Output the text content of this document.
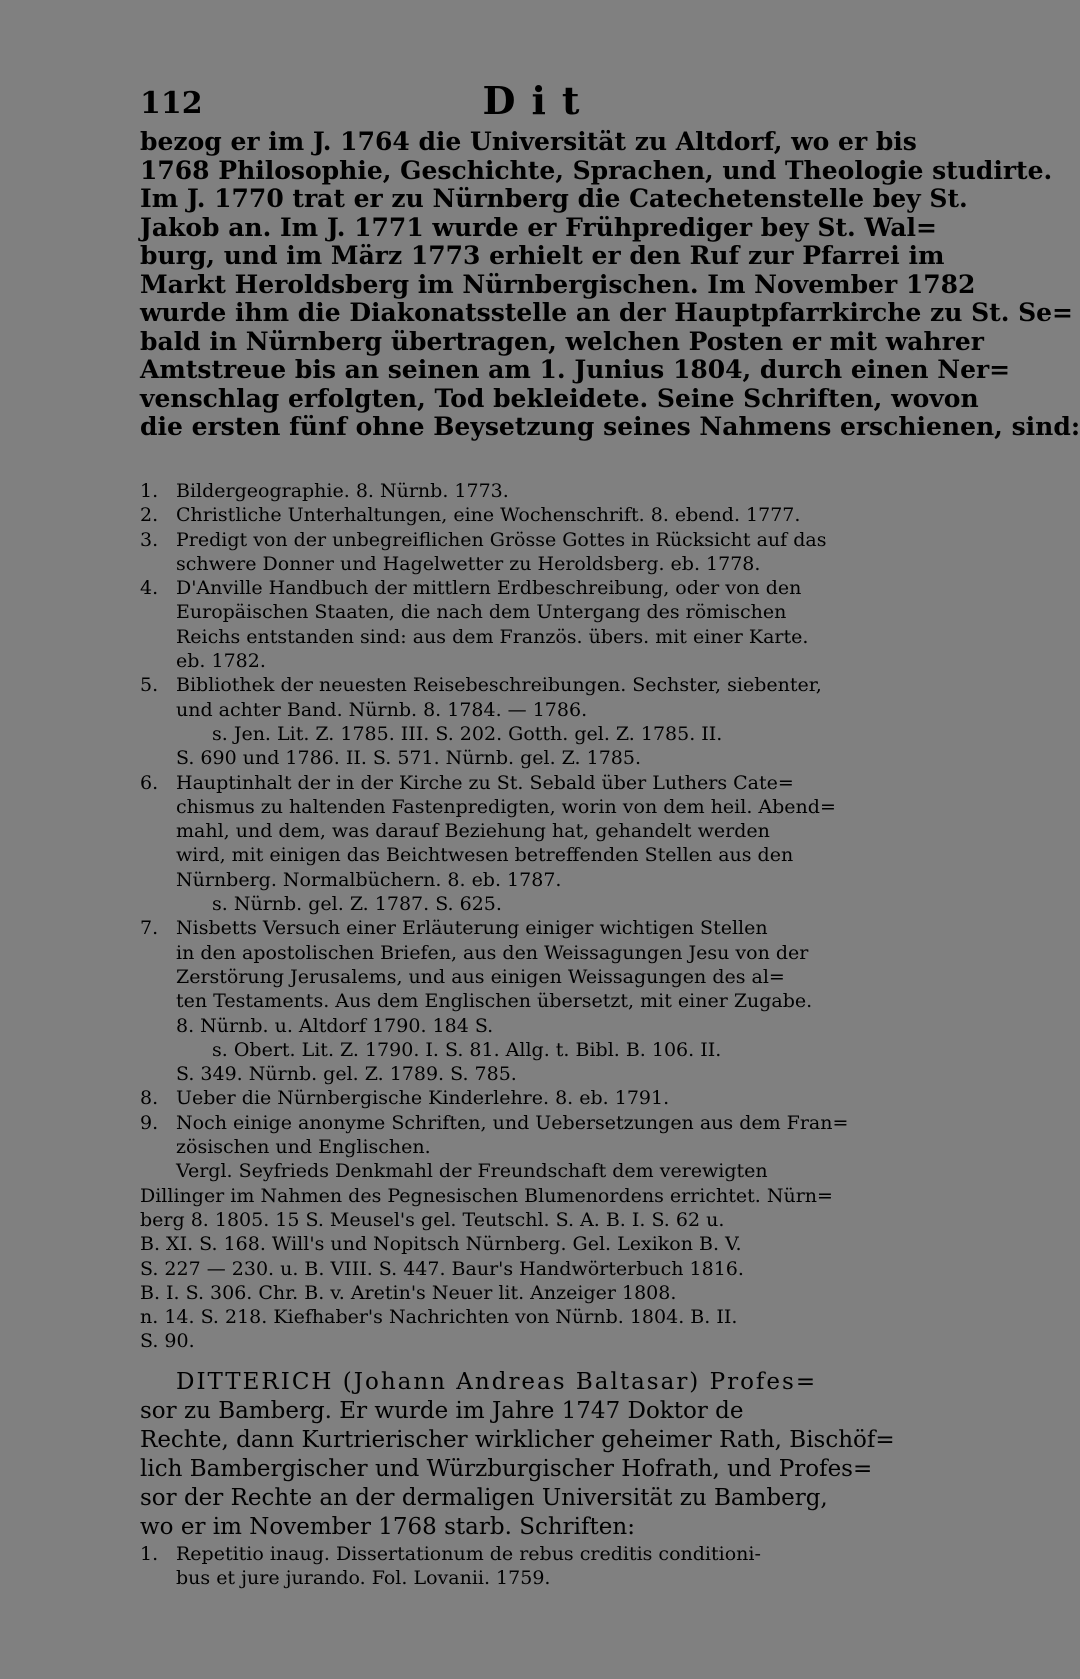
112	Dit
bezog er im J. 1764 die Universität zu Altdorf, wo er bis
1768 Philosophie, Geschichte, Sprachen, und Theologie studirte.
Im J. 1770 trat er zu Nürnberg die Catechetenstelle bey St.
Jakob an. Im J. 1771 wurde er Frühprediger bey St. Wal=
burg, und im März 1773 erhielt er den Ruf zur Pfarrei im
Markt Heroldsberg im Nürnbergischen. Im November 1782
wurde ihm die Diakonatsstelle an der Hauptpfarrkirche zu St. Se=
bald in Nürnberg übertragen, welchen Posten er mit wahrer
Amtstreue bis an seinen am 1. Junius 1804, durch einen Ner=
venschlag erfolgten, Tod bekleidete. Seine Schriften, wovon
die ersten fünf ohne Beysetzung seines Nahmens erschienen, sind:
1. Bildergeographie. 8. Nürnb. 1773.
2. Christliche Unterhaltungen, eine Wochenschrift. 8. ebend. 1777.
3. Predigt von der unbegreiflichen Grösse Gottes in Rücksicht auf das
schwere Donner und Hagelwetter zu Heroldsberg. eb. 1778.
4. D'Anville Handbuch der mittlern Erdbeschreibung, oder von den
Europäischen Staaten, die nach dem Untergang des römischen
Reichs entstanden sind: aus dem Französ. übers. mit einer Karte.
eb. 1782.
5. Bibliothek der neuesten Reisebeschreibungen. Sechster, siebenter,
und achter Band. Nürnb. 8. 1784. — 1786.
s. Jen. Lit. Z. 1785. III. S. 202. Gotth. gel. Z. 1785. II.
S. 690 und 1786. II. S. 571. Nürnb. gel. Z. 1785.
6. Hauptinhalt der in der Kirche zu St. Sebald über Luthers Cate=
chismus zu haltenden Fastenpredigten, worin von dem heil. Abend=
mahl, und dem, was darauf Beziehung hat, gehandelt werden
wird, mit einigen das Beichtwesen betreffenden Stellen aus den
Nürnberg. Normalbüchern. 8. eb. 1787.
s. Nürnb. gel. Z. 1787. S. 625.
7. Nisbetts Versuch einer Erläuterung einiger wichtigen Stellen
in den apostolischen Briefen, aus den Weissagungen Jesu von der
Zerstörung Jerusalems, und aus einigen Weissagungen des al=
ten Testaments. Aus dem Englischen übersetzt, mit einer Zugabe.
8. Nürnb. u. Altdorf 1790. 184 S.
s. Obert. Lit. Z. 1790. I. S. 81. Allg. t. Bibl. B. 106. II.
S. 349. Nürnb. gel. Z. 1789. S. 785.
8. Ueber die Nürnbergische Kinderlehre. 8. eb. 1791.
9. Noch einige anonyme Schriften, und Uebersetzungen aus dem Fran=
zösischen und Englischen.
Vergl. Seyfrieds Denkmahl der Freundschaft dem verewigten
Dillinger im Nahmen des Pegnesischen Blumenordens errichtet. Nürn=
berg 8. 1805. 15 S. Meusel's gel. Teutschl. S. A. B. I. S. 62 u.
B. XI. S. 168. Will's und Nopitsch Nürnberg. Gel. Lexikon B. V.
S. 227 — 230. u. B. VIII. S. 447. Baur's Handwörterbuch 1816.
B. I. S. 306. Chr. B. v. Aretin's Neuer lit. Anzeiger 1808.
n. 14. S. 218. Kiefhaber's Nachrichten von Nürnb. 1804. B. II.
S. 90.
DITTERICH (Johann Andreas Baltasar) Profes=
sor zu Bamberg. Er wurde im Jahre 1747 Doktor de
Rechte, dann Kurtrierischer wirklicher geheimer Rath, Bischöf=
lich Bambergischer und Würzburgischer Hofrath, und Profes=
sor der Rechte an der dermaligen Universität zu Bamberg,
wo er im November 1768 starb. Schriften:
1. Repetitio inaug. Dissertationum de rebus creditis conditioni-
bus et jure jurando. Fol. Lovanii. 1759.
